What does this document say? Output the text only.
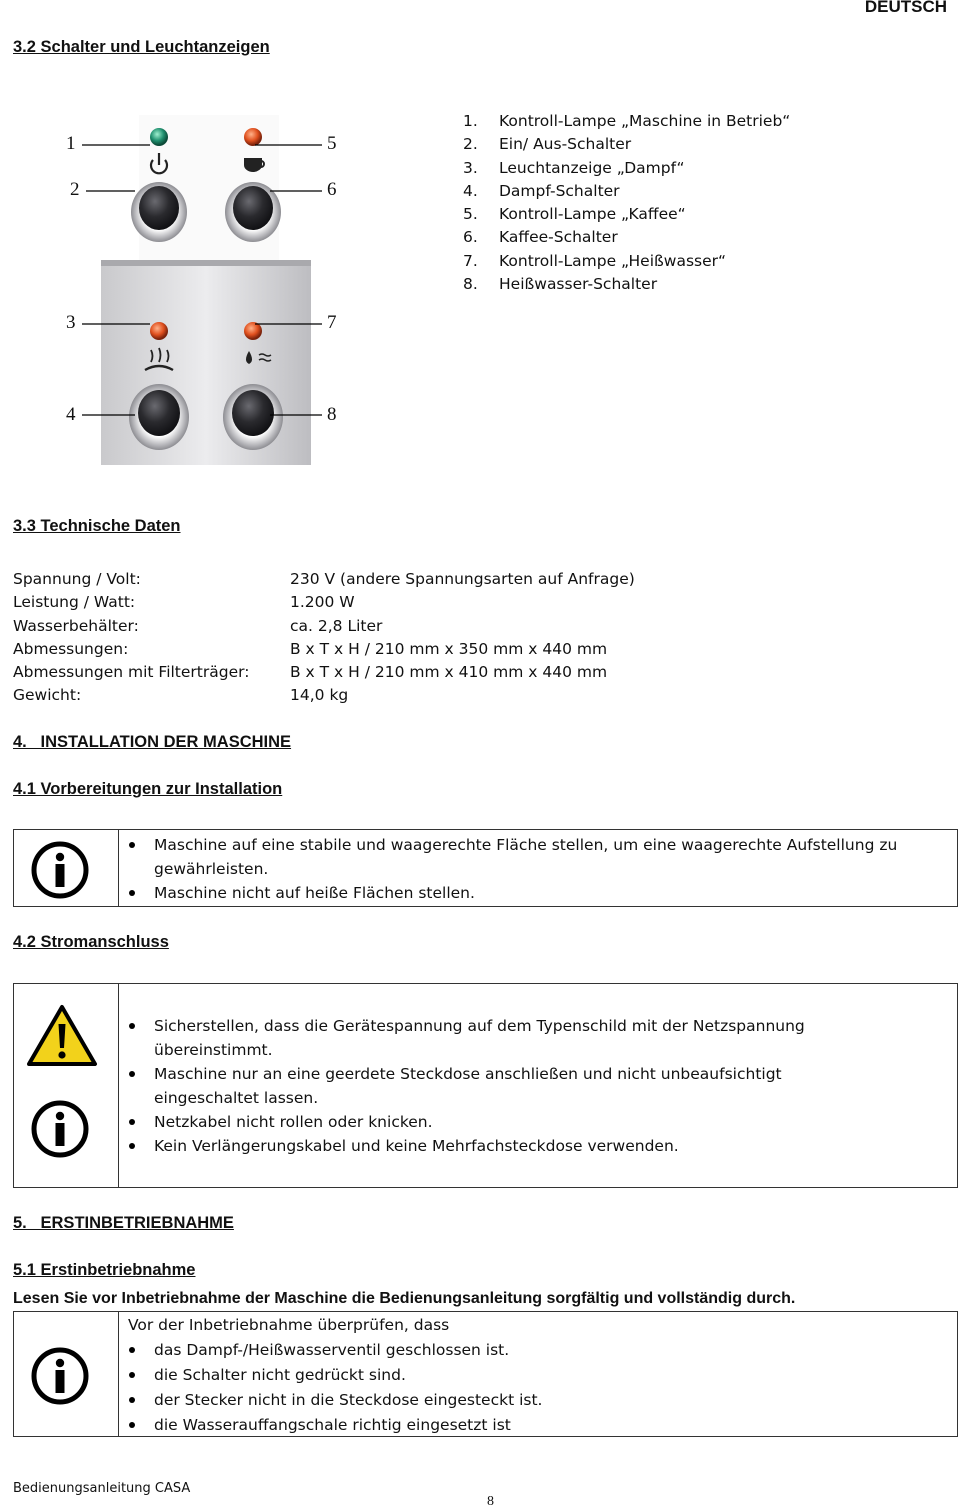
DEUTSCH
3.2 Schalter und Leuchtanzeigen
1
2
3
4
5
6
7
8
1. Kontroll-Lampe „Maschine in Betrieb“
2. Ein/ Aus-Schalter
3. Leuchtanzeige „Dampf“
4. Dampf-Schalter
5. Kontroll-Lampe „Kaffee“
6. Kaffee-Schalter
7. Kontroll-Lampe „Heißwasser“
8. Heißwasser-Schalter
3.3 Technische Daten
Spannung / Volt:
Leistung / Watt:
Wasserbehälter:
Abmessungen:
Abmessungen mit Filterträger:
Gewicht:
230 V (andere Spannungsarten auf Anfrage)
1.200 W
ca. 2,8 Liter
B x T x H / 210 mm x 350 mm x 440 mm
B x T x H / 210 mm x 410 mm x 440 mm
14,0 kg
4.   INSTALLATION DER MASCHINE
4.1 Vorbereitungen zur Installation
Maschine auf eine stabile und waagerechte Fläche stellen, um eine waagerechte Aufstellung zu gewährleisten.
Maschine nicht auf heiße Flächen stellen.
4.2 Stromanschluss
Sicherstellen, dass die Gerätespannung auf dem Typenschild mit der Netzspannung übereinstimmt.
Maschine nur an eine geerdete Steckdose anschließen und nicht unbeaufsichtigt eingeschaltet lassen.
Netzkabel nicht rollen oder knicken.
Kein Verlängerungskabel und keine Mehrfachsteckdose verwenden.
5.   ERSTINBETRIEBNAHME
5.1 Erstinbetriebnahme
Lesen Sie vor Inbetriebnahme der Maschine die Bedienungsanleitung sorgfältig und vollständig durch.
Vor der Inbetriebnahme überprüfen, dass
das Dampf-/Heißwasserventil geschlossen ist.
die Schalter nicht gedrückt sind.
der Stecker nicht in die Steckdose eingesteckt ist.
die Wasserauffangschale richtig eingesetzt ist
Bedienungsanleitung CASA
8
